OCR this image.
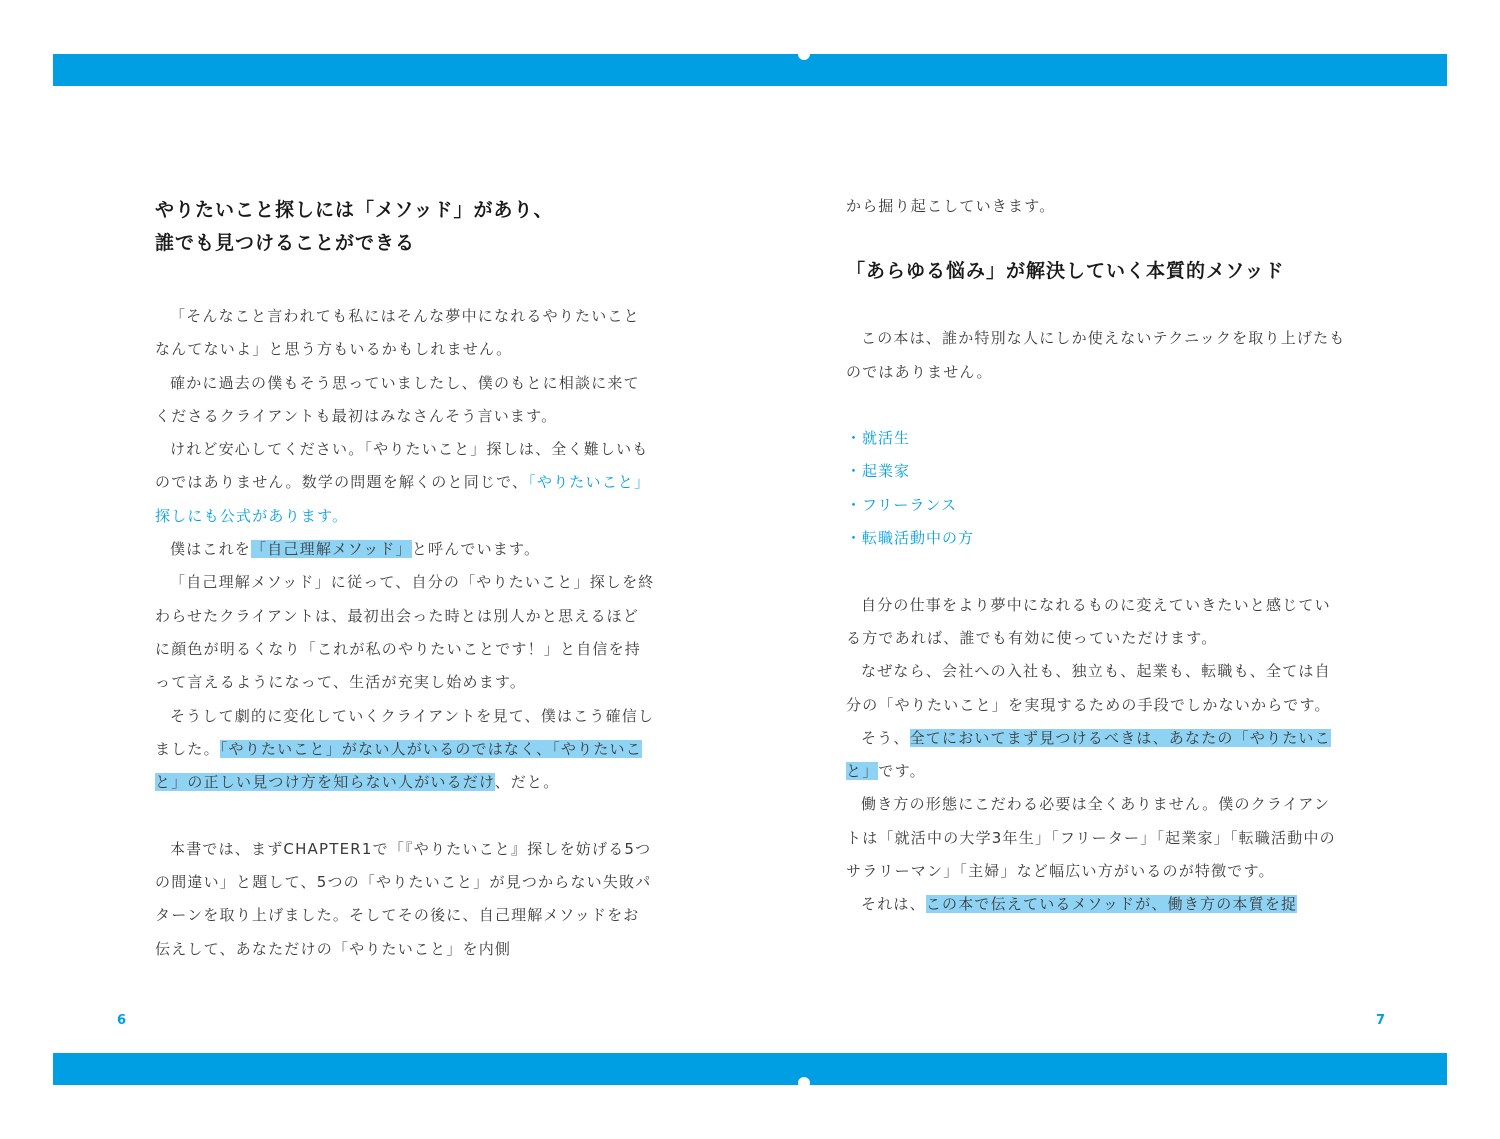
やりたいこと探しには「メソッド」があり、
誰でも見つけることができる

「そんなこと言われても私にはそんな夢中になれるやりたいことなんてないよ」と思う方もいるかもしれません。

確かに過去の僕もそう思っていましたし、僕のもとに相談に来てくださるクライアントも最初はみなさんそう言います。

けれど安心してください。「やりたいこと」探しは、全く難しいものではありません。数学の問題を解くのと同じで、「やりたいこと」探しにも公式があります。

僕はこれを「自己理解メソッド」と呼んでいます。

「自己理解メソッド」に従って、自分の「やりたいこと」探しを終わらせたクライアントは、最初出会った時とは別人かと思えるほどに顔色が明るくなり「これが私のやりたいことです！」と自信を持って言えるようになって、生活が充実し始めます。

そうして劇的に変化していくクライアントを見て、僕はこう確信しました。「やりたいこと」がない人がいるのではなく、「やりたいこと」の正しい見つけ方を知らない人がいるだけ、だと。

本書では、まずCHAPTER1で「『やりたいこと』探しを妨げる5つの間違い」と題して、5つの「やりたいこと」が見つからない失敗パターンを取り上げました。そしてその後に、自己理解メソッドをお伝えして、あなただけの「やりたいこと」を内側

から掘り起こしていきます。

「あらゆる悩み」が解決していく本質的メソッド

この本は、誰か特別な人にしか使えないテクニックを取り上げたものではありません。

・就活生

・起業家

・フリーランス

・転職活動中の方

自分の仕事をより夢中になれるものに変えていきたいと感じている方であれば、誰でも有効に使っていただけます。

なぜなら、会社への入社も、独立も、起業も、転職も、全ては自分の「やりたいこと」を実現するための手段でしかないからです。

そう、全てにおいてまず見つけるべきは、あなたの「やりたいこと」です。

働き方の形態にこだわる必要は全くありません。僕のクライアントは「就活中の大学3年生」「フリーター」「起業家」「転職活動中のサラリーマン」「主婦」など幅広い方がいるのが特徴です。

それは、この本で伝えているメソッドが、働き方の本質を捉

6	7
